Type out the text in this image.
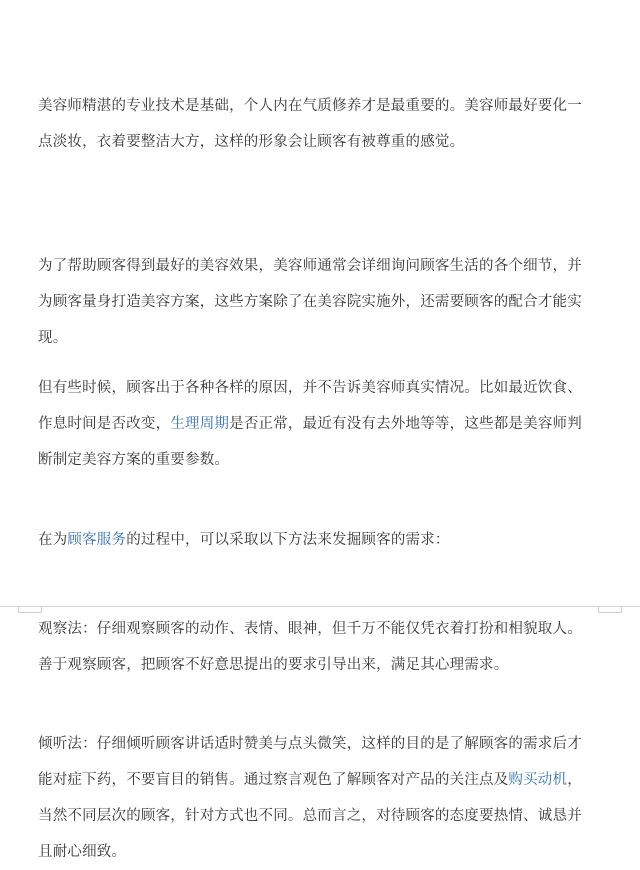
美容师精湛的专业技术是基础，个人内在气质修养才是最重要的。美容师最好要化一点淡妆，衣着要整洁大方，这样的形象会让顾客有被尊重的感觉。

为了帮助顾客得到最好的美容效果，美容师通常会详细询问顾客生活的各个细节，并为顾客量身打造美容方案，这些方案除了在美容院实施外，还需要顾客的配合才能实现。

但有些时候，顾客出于各种各样的原因，并不告诉美容师真实情况。比如最近饮食、作息时间是否改变，生理周期是否正常，最近有没有去外地等等，这些都是美容师判断制定美容方案的重要参数。

在为顾客服务的过程中，可以采取以下方法来发掘顾客的需求：

观察法：仔细观察顾客的动作、表情、眼神，但千万不能仅凭衣着打扮和相貌取人。善于观察顾客，把顾客不好意思提出的要求引导出来，满足其心理需求。

倾听法：仔细倾听顾客讲话适时赞美与点头微笑，这样的目的是了解顾客的需求后才能对症下药，不要盲目的销售。通过察言观色了解顾客对产品的关注点及购买动机，当然不同层次的顾客，针对方式也不同。总而言之，对待顾客的态度要热情、诚恳并且耐心细致。
